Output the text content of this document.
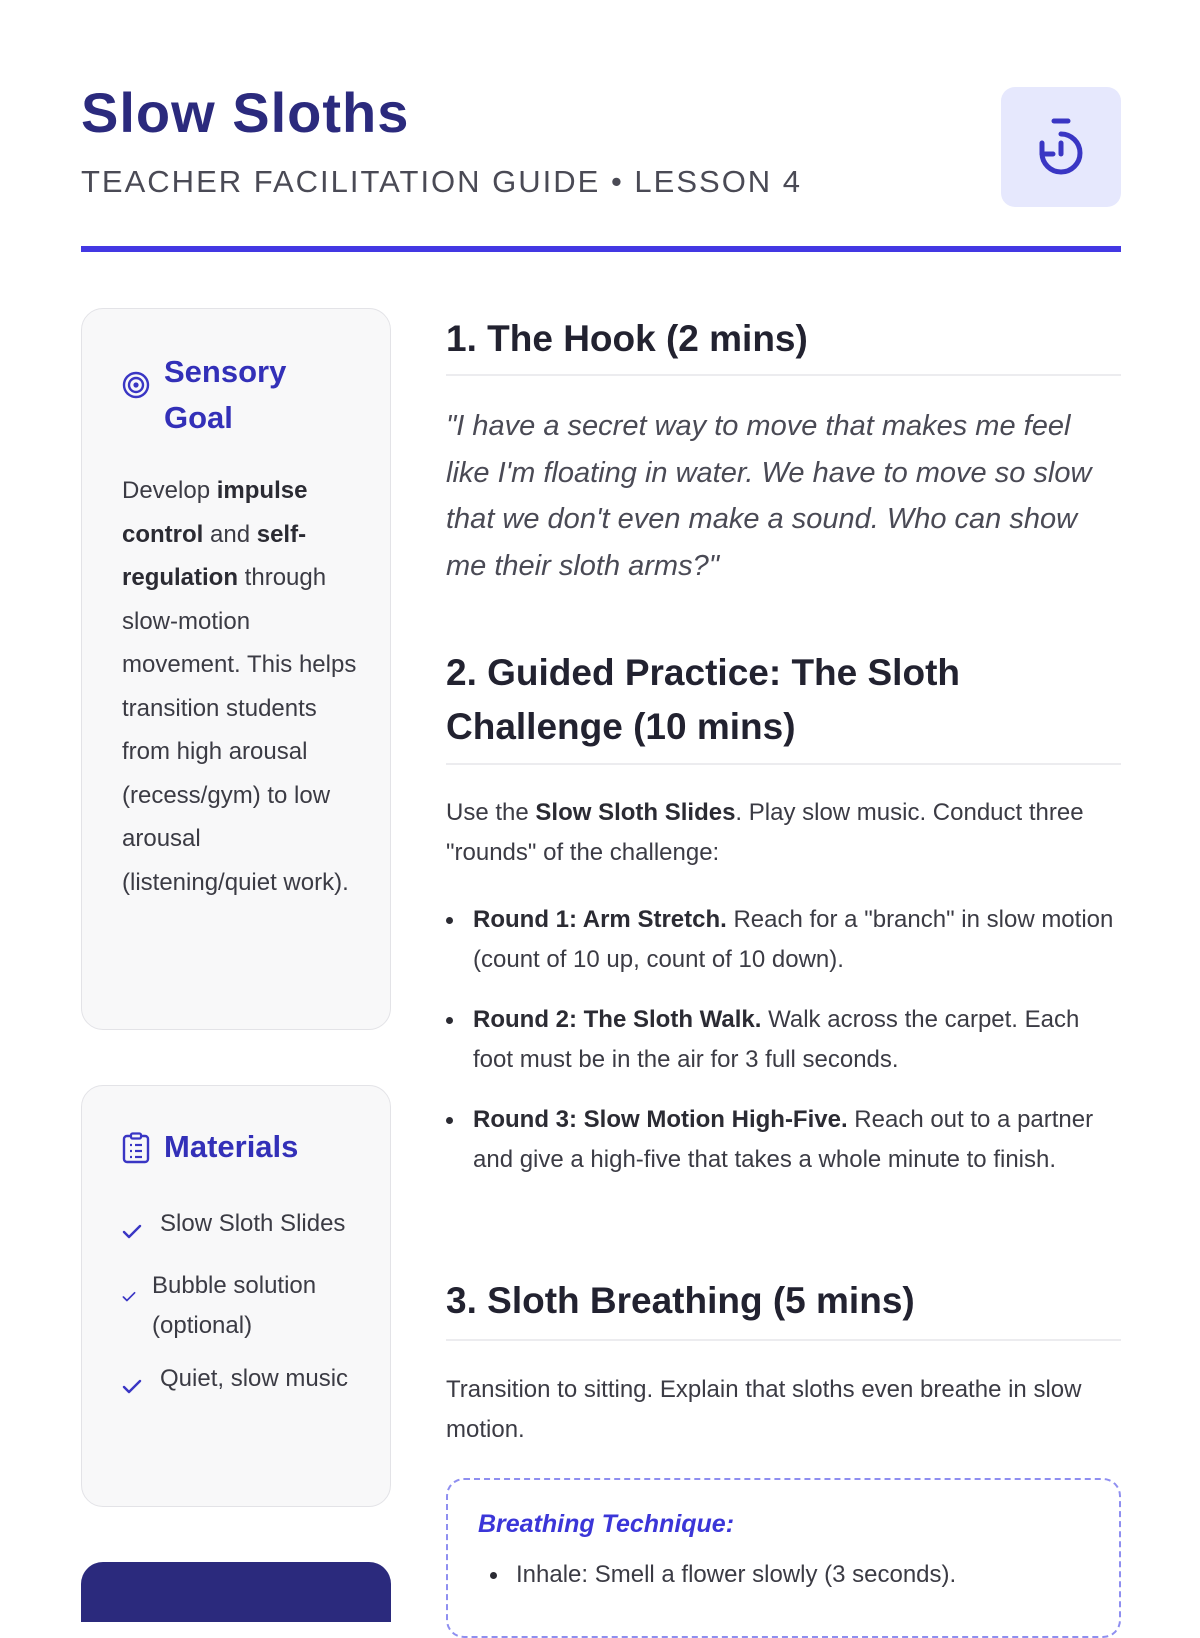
Slow Sloths

TEACHER FACILITATION GUIDE • LESSON 4

Sensory Goal
Develop impulse control and self-regulation through slow-motion movement. This helps transition students from high arousal (recess/gym) to low arousal (listening/quiet work).
Materials
Slow Sloth Slides
Bubble solution (optional)
Quiet, slow music
1. The Hook (2 mins)
"I have a secret way to move that makes me feel like I'm floating in water. We have to move so slow that we don't even make a sound. Who can show me their sloth arms?"
2. Guided Practice: The Sloth Challenge (10 mins)
Use the Slow Sloth Slides. Play slow music. Conduct three "rounds" of the challenge:
Round 1: Arm Stretch. Reach for a "branch" in slow motion (count of 10 up, count of 10 down).
Round 2: The Sloth Walk. Walk across the carpet. Each foot must be in the air for 3 full seconds.
Round 3: Slow Motion High-Five. Reach out to a partner and give a high-five that takes a whole minute to finish.
3. Sloth Breathing (5 mins)
Transition to sitting. Explain that sloths even breathe in slow motion.
Breathing Technique:
Inhale: Smell a flower slowly (3 seconds).
